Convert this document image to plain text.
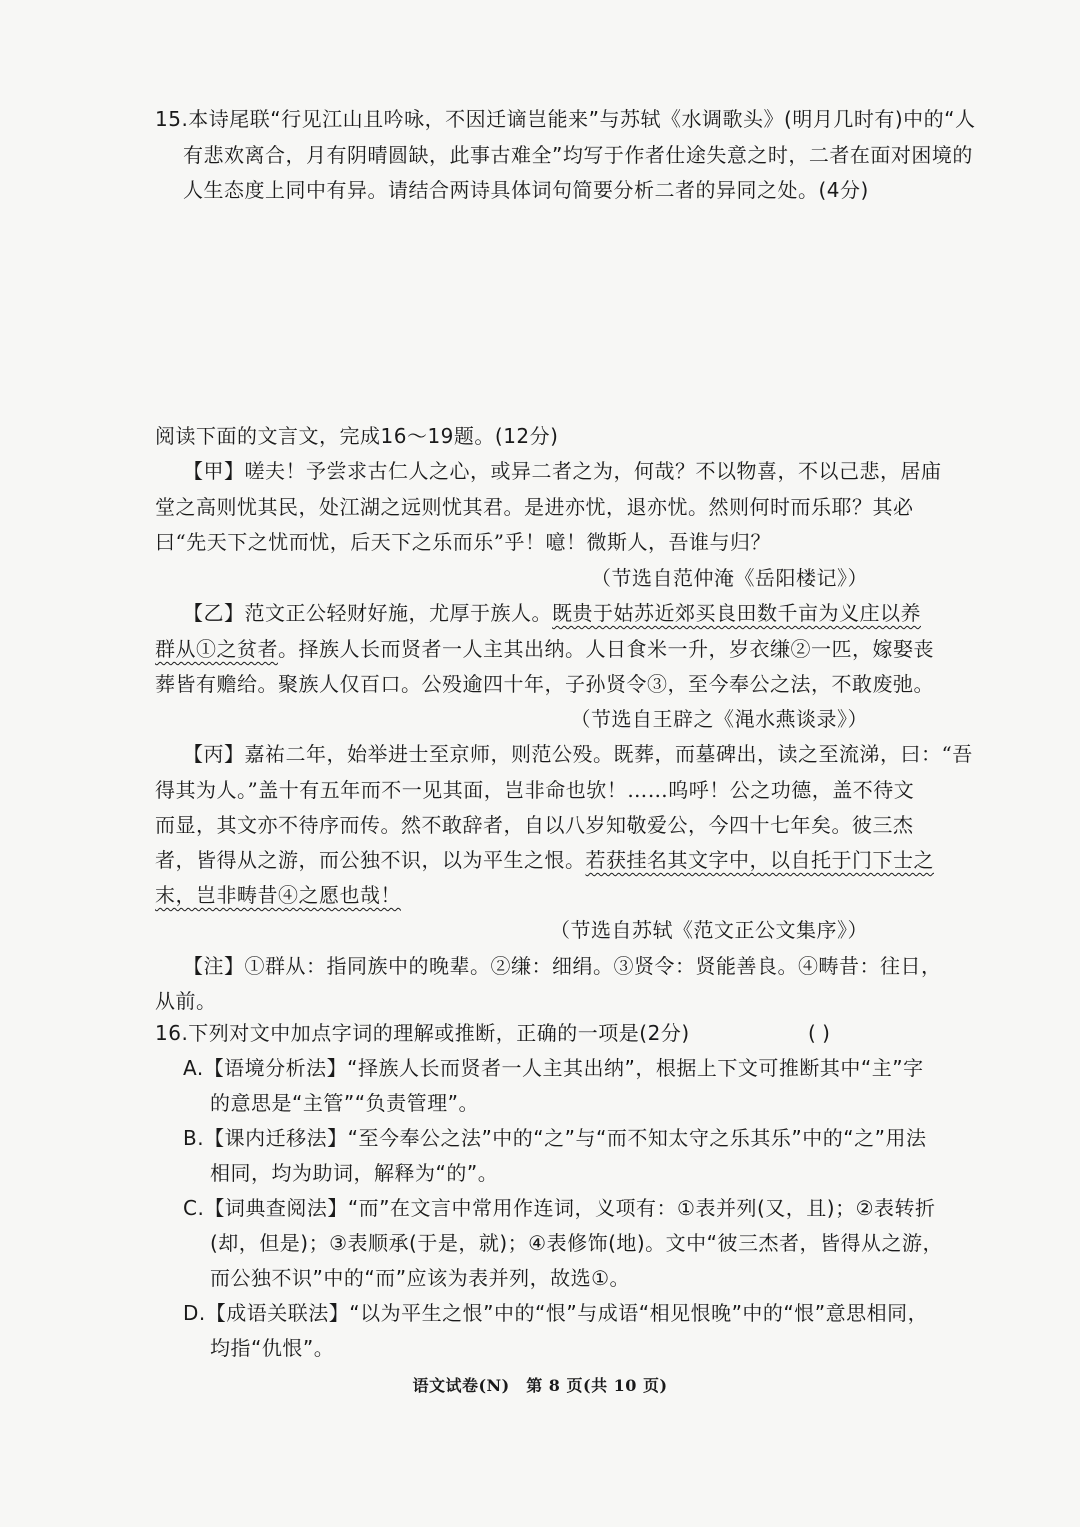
15.本诗尾联“行见江山且吟咏，不因迁谪岂能来”与苏轼《水调歌头》(明月几时有)中的“人
有悲欢离合，月有阴晴圆缺，此事古难全”均写于作者仕途失意之时，二者在面对困境的
人生态度上同中有异。请结合两诗具体词句简要分析二者的异同之处。(4分)
阅读下面的文言文，完成16～19题。(12分)
【甲】嗟夫！予尝求古仁人之心，或异二者之为，何哉？不以物喜，不以己悲，居庙
堂之高则忧其民，处江湖之远则忧其君。是进亦忧，退亦忧。然则何时而乐耶？其必
曰“先天下之忧而忧，后天下之乐而乐”乎！噫！微斯人，吾谁与归？
（节选自范仲淹《岳阳楼记》）
【乙】范文正公轻财好施，尤厚于族人。既贵于姑苏近郊买良田数千亩为义庄以养
群从①之贫者。择族人长而贤者一人主其出纳。人日食米一升，岁衣缣②一匹，嫁娶丧
葬皆有赡给。聚族人仅百口。公殁逾四十年，子孙贤令③，至今奉公之法，不敢废弛。
（节选自王辟之《渑水燕谈录》）
【丙】嘉祐二年，始举进士至京师，则范公殁。既葬，而墓碑出，读之至流涕，曰：“吾
得其为人。”盖十有五年而不一见其面，岂非命也欤！……呜呼！公之功德，盖不待文
而显，其文亦不待序而传。然不敢辞者，自以八岁知敬爱公，今四十七年矣。彼三杰
者，皆得从之游，而公独不识，以为平生之恨。若获挂名其文字中，以自托于门下士之
末，岂非畴昔④之愿也哉！
（节选自苏轼《范文正公文集序》）
【注】①群从：指同族中的晚辈。②缣：细绢。③贤令：贤能善良。④畴昔：往日，
从前。
16.下列对文中加点字词的理解或推断，正确的一项是(2分)	( )
A.【语境分析法】“择族人长而贤者一人主其出纳”，根据上下文可推断其中“主”字
的意思是“主管”“负责管理”。
B.【课内迁移法】“至今奉公之法”中的“之”与“而不知太守之乐其乐”中的“之”用法
相同，均为助词，解释为“的”。
C.【词典查阅法】“而”在文言中常用作连词，义项有：①表并列(又，且)；②表转折
(却，但是)；③表顺承(于是，就)；④表修饰(地)。文中“彼三杰者，皆得从之游，
而公独不识”中的“而”应该为表并列，故选①。
D.【成语关联法】“以为平生之恨”中的“恨”与成语“相见恨晚”中的“恨”意思相同，
均指“仇恨”。
语文试卷(N)　第 8 页(共 10 页)
